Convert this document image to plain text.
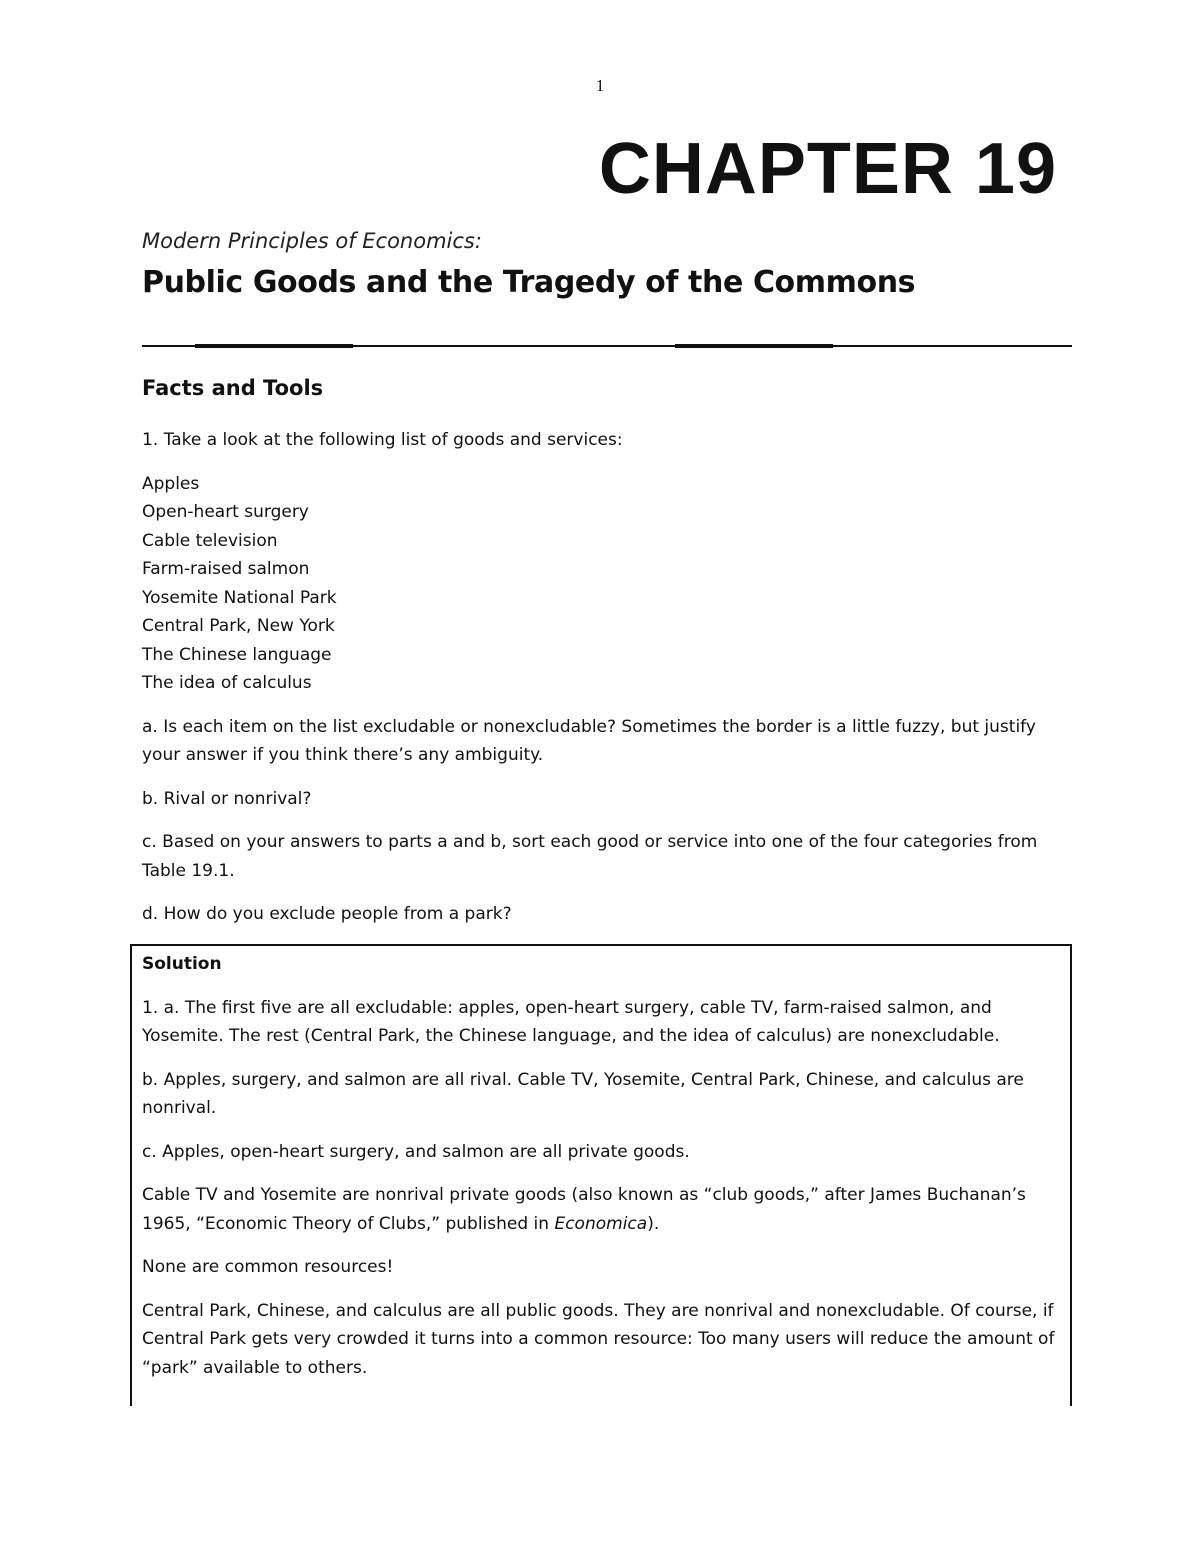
1
CHAPTER 19
Modern Principles of Economics:
Public Goods and the Tragedy of the Commons
Facts and Tools

1. Take a look at the following list of goods and services:

Apples
Open-heart surgery
Cable television
Farm-raised salmon
Yosemite National Park
Central Park, New York
The Chinese language
The idea of calculus

a. Is each item on the list excludable or nonexcludable? Sometimes the border is a little fuzzy, but justify your answer if you think there’s any ambiguity.

b. Rival or nonrival?

c. Based on your answers to parts a and b, sort each good or service into one of the four categories from Table 19.1.

d. How do you exclude people from a park?

Solution

1. a. The first five are all excludable: apples, open-heart surgery, cable TV, farm-raised salmon, and Yosemite. The rest (Central Park, the Chinese language, and the idea of calculus) are nonexcludable.

b. Apples, surgery, and salmon are all rival. Cable TV, Yosemite, Central Park, Chinese, and calculus are nonrival.

c. Apples, open-heart surgery, and salmon are all private goods.

Cable TV and Yosemite are nonrival private goods (also known as “club goods,” after James Buchanan’s 1965, “Economic Theory of Clubs,” published in Economica).

None are common resources!

Central Park, Chinese, and calculus are all public goods. They are nonrival and nonexcludable. Of course, if Central Park gets very crowded it turns into a common resource: Too many users will reduce the amount of “park” available to others.
